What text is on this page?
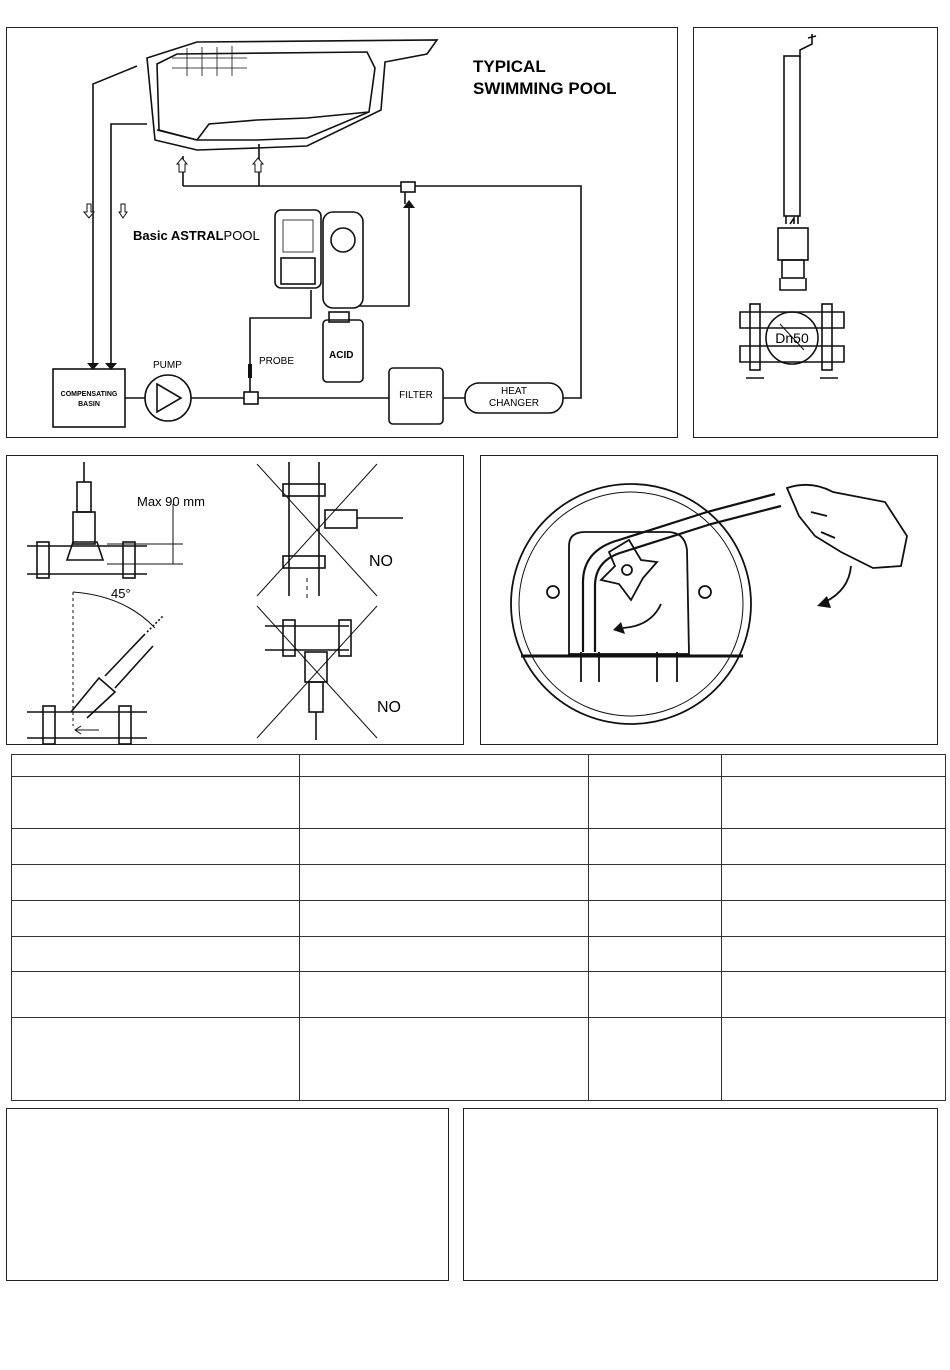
TYPICAL
SWIMMING POOL
Basic ASTRALPOOL
ACID
PUMP	PROBE
COMPENSATING
BASIN
FILTER	HEAT
CHANGER
Dn50
Max 90 mm
45°
NO
NO
